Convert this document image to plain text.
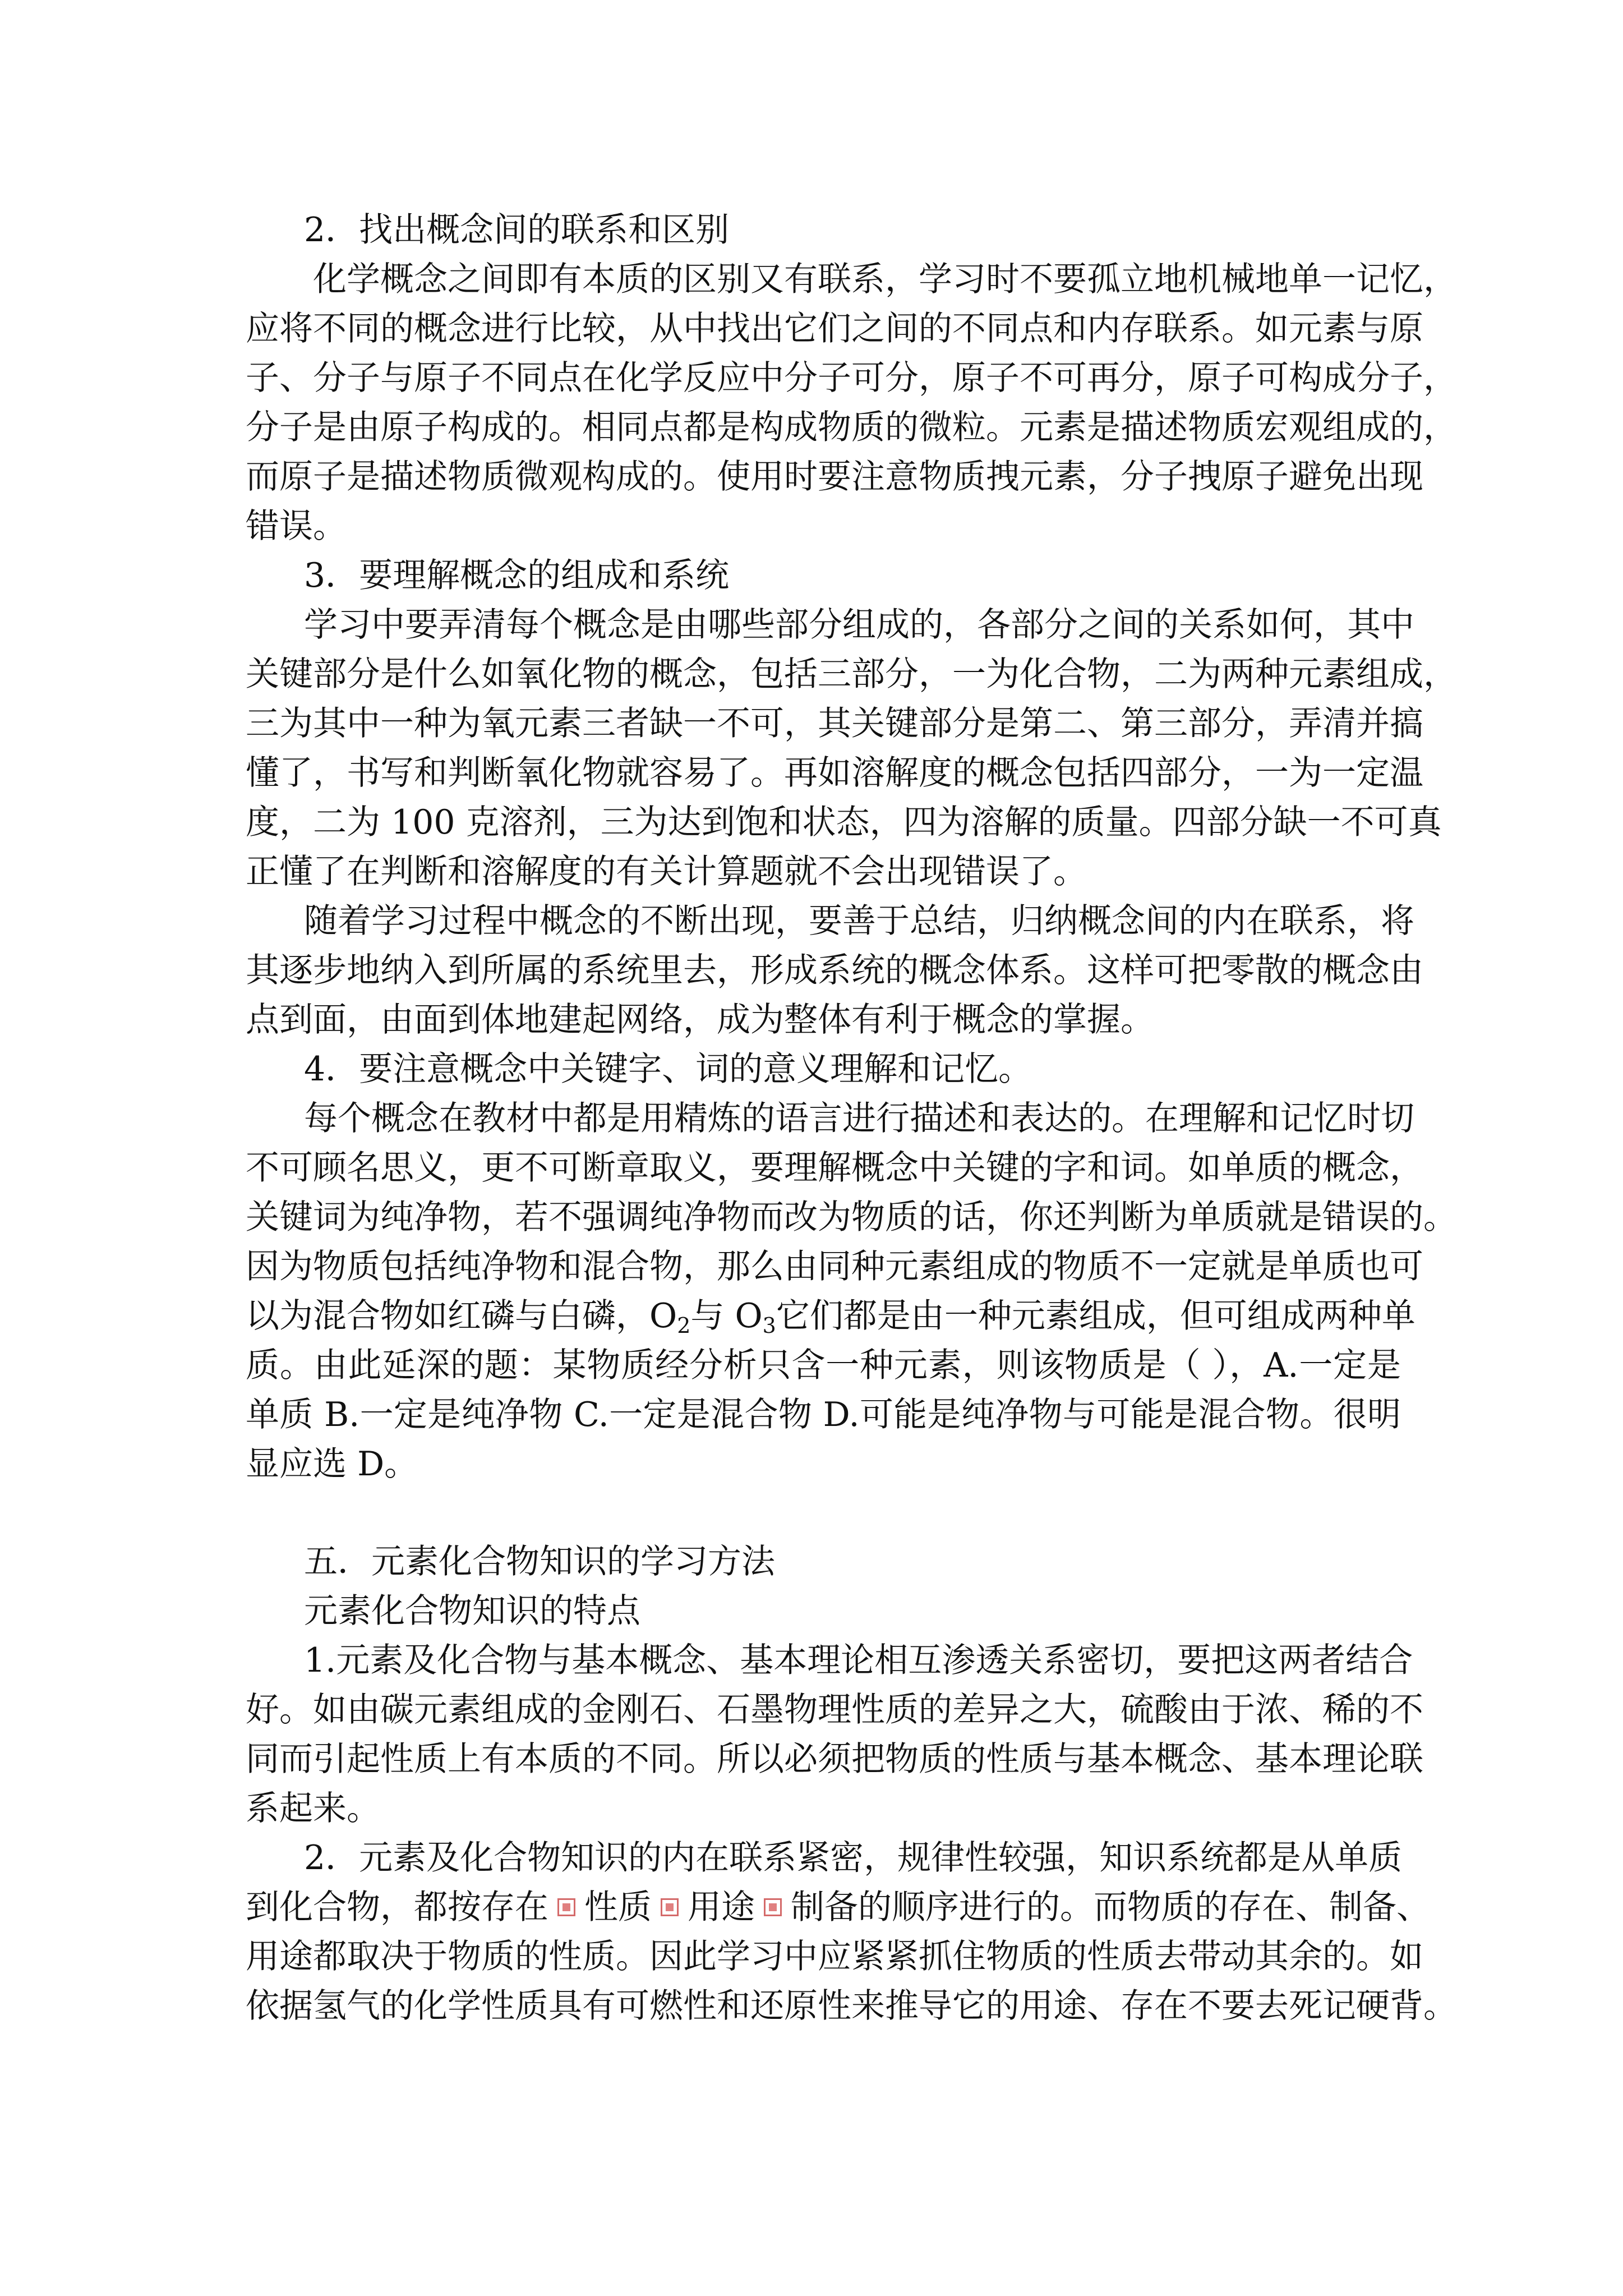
2．找出概念间的联系和区别
化学概念之间即有本质的区别又有联系，学习时不要孤立地机械地单一记忆，
应将不同的概念进行比较，从中找出它们之间的不同点和内存联系。如元素与原
子、分子与原子不同点在化学反应中分子可分，原子不可再分，原子可构成分子，
分子是由原子构成的。相同点都是构成物质的微粒。元素是描述物质宏观组成的，
而原子是描述物质微观构成的。使用时要注意物质拽元素，分子拽原子避免出现
错误。
3．要理解概念的组成和系统
学习中要弄清每个概念是由哪些部分组成的，各部分之间的关系如何，其中
关键部分是什么如氧化物的概念，包括三部分，一为化合物，二为两种元素组成，
三为其中一种为氧元素三者缺一不可，其关键部分是第二、第三部分，弄清并搞
懂了，书写和判断氧化物就容易了。再如溶解度的概念包括四部分，一为一定温
度，二为 100 克溶剂，三为达到饱和状态，四为溶解的质量。四部分缺一不可真
正懂了在判断和溶解度的有关计算题就不会出现错误了。
随着学习过程中概念的不断出现，要善于总结，归纳概念间的内在联系，将
其逐步地纳入到所属的系统里去，形成系统的概念体系。这样可把零散的概念由
点到面，由面到体地建起网络，成为整体有利于概念的掌握。
4．要注意概念中关键字、词的意义理解和记忆。
每个概念在教材中都是用精炼的语言进行描述和表达的。在理解和记忆时切
不可顾名思义，更不可断章取义，要理解概念中关键的字和词。如单质的概念，
关键词为纯净物，若不强调纯净物而改为物质的话，你还判断为单质就是错误的。
因为物质包括纯净物和混合物，那么由同种元素组成的物质不一定就是单质也可
以为混合物如红磷与白磷，$O_2$与 $O_3$它们都是由一种元素组成，但可组成两种单
质。由此延深的题：某物质经分析只含一种元素，则该物质是（ ），A.一定是
单质 B.一定是纯净物 C.一定是混合物 D.可能是纯净物与可能是混合物。很明
显应选 D。
五．元素化合物知识的学习方法
元素化合物知识的特点
1.元素及化合物与基本概念、基本理论相互渗透关系密切，要把这两者结合
好。如由碳元素组成的金刚石、石墨物理性质的差异之大，硫酸由于浓、稀的不
同而引起性质上有本质的不同。所以必须把物质的性质与基本概念、基本理论联
系起来。
2．元素及化合物知识的内在联系紧密，规律性较强，知识系统都是从单质
到化合物，都按存在 性质 用途 制备的顺序进行的。而物质的存在、制备、
用途都取决于物质的性质。因此学习中应紧紧抓住物质的性质去带动其余的。如
依据氢气的化学性质具有可燃性和还原性来推导它的用途、存在不要去死记硬背。
